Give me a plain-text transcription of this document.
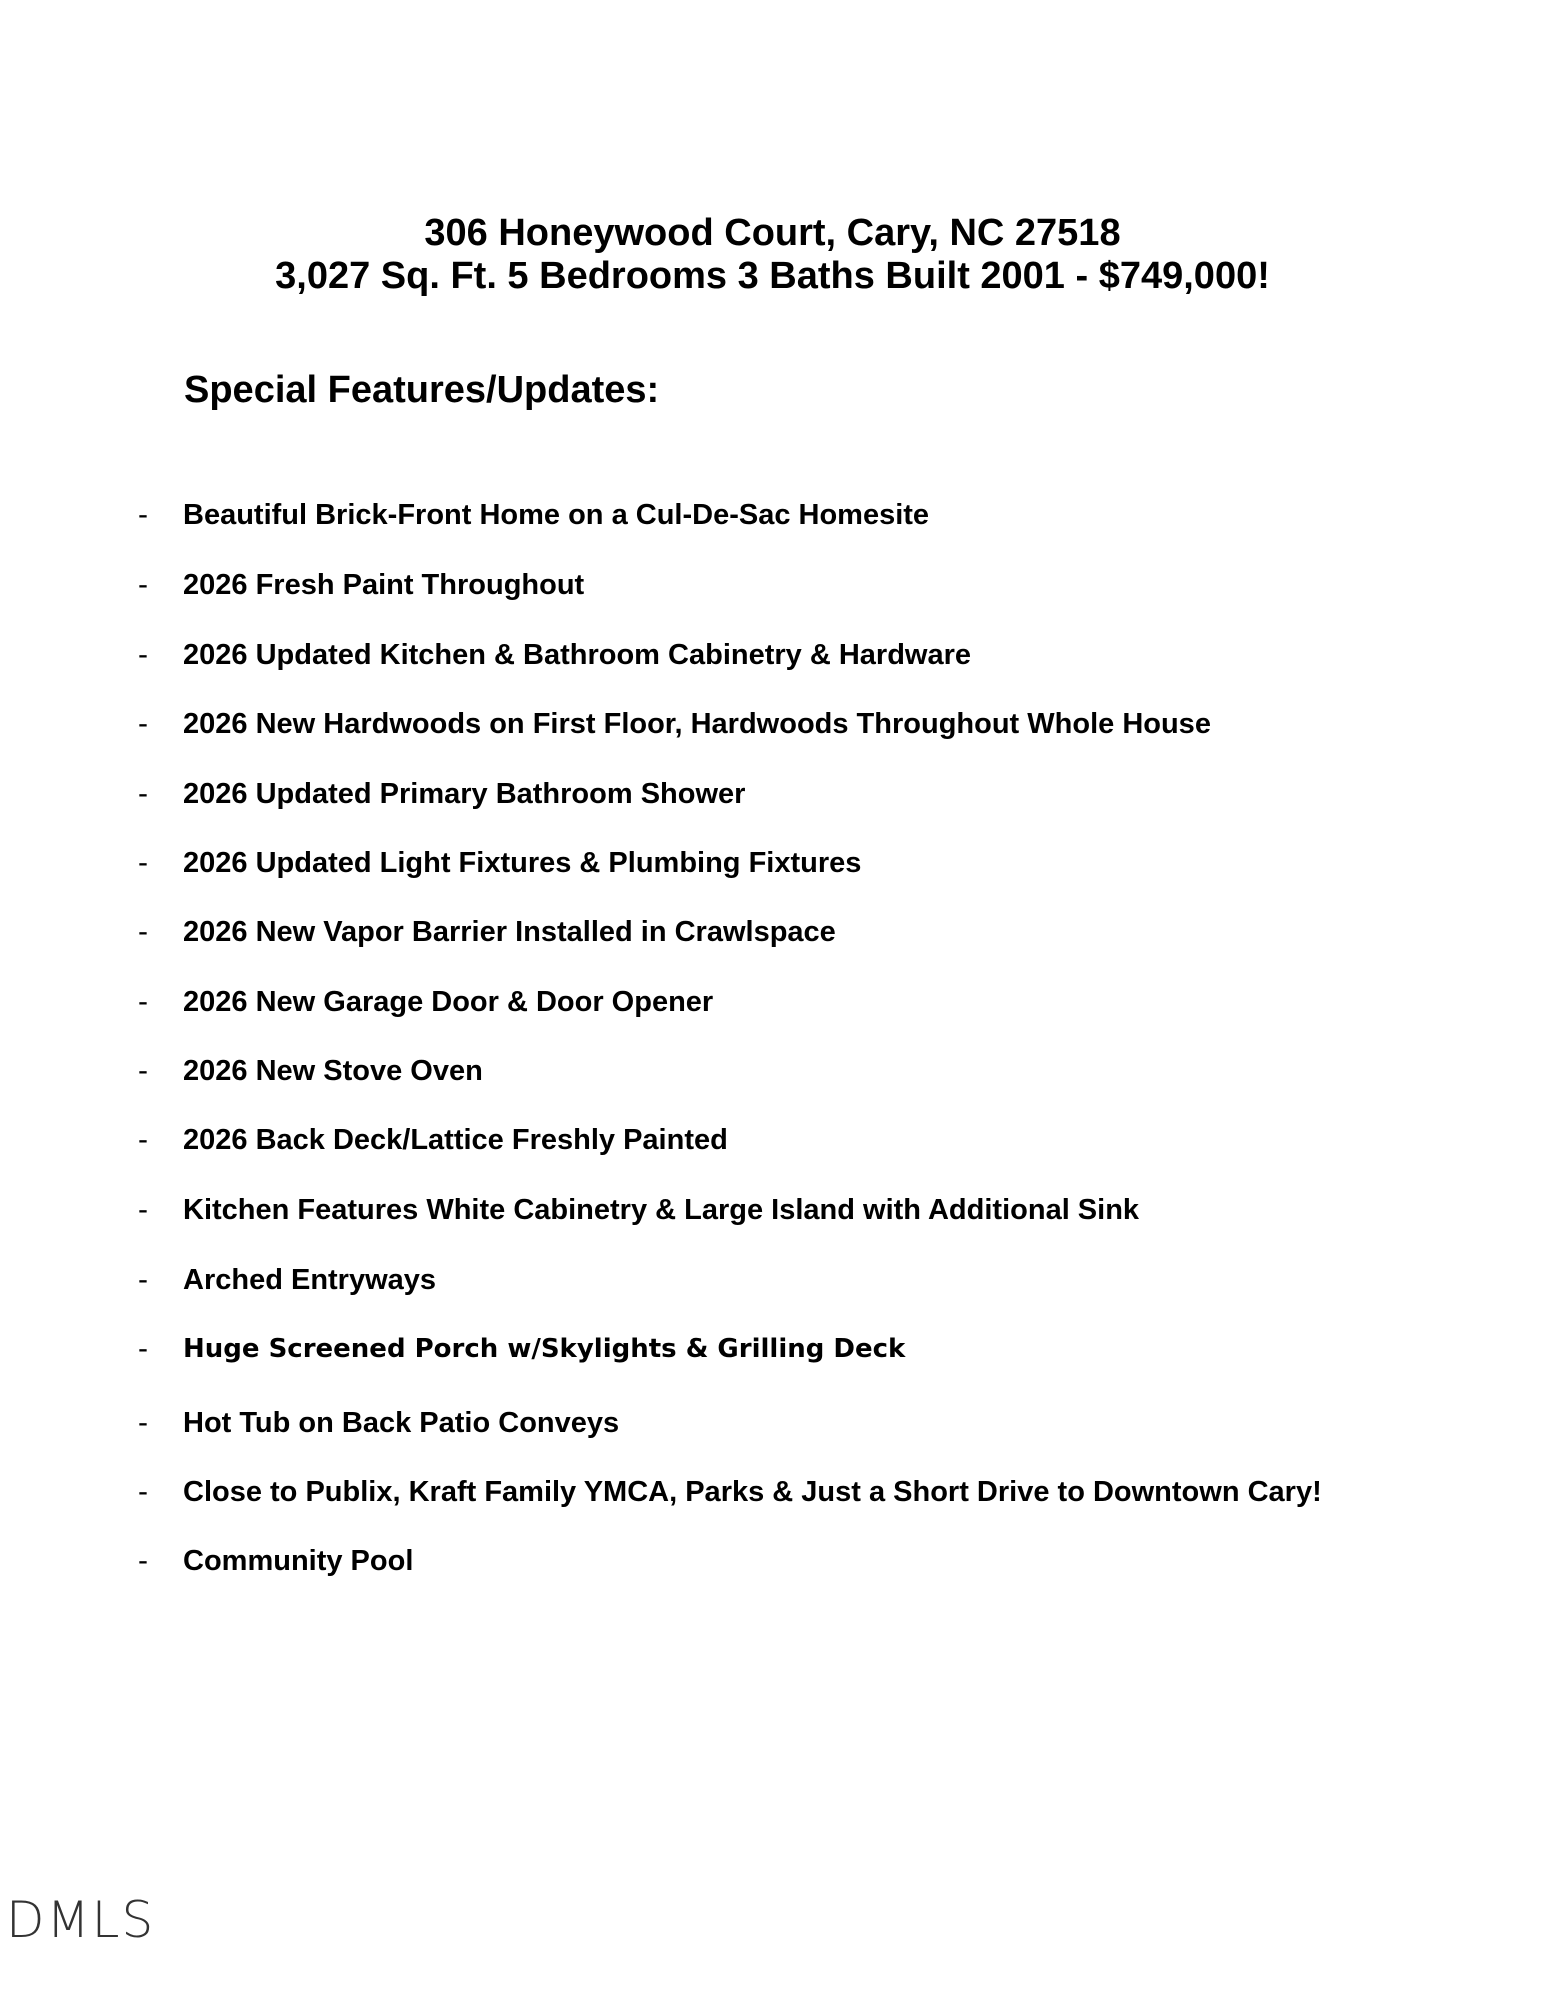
306 Honeywood Court, Cary, NC 27518
3,027 Sq. Ft. 5 Bedrooms 3 Baths Built 2001 - $749,000!
Special Features/Updates:
- Beautiful Brick-Front Home on a Cul-De-Sac Homesite
- 2026 Fresh Paint Throughout
- 2026 Updated Kitchen & Bathroom Cabinetry & Hardware
- 2026 New Hardwoods on First Floor, Hardwoods Throughout Whole House
- 2026 Updated Primary Bathroom Shower
- 2026 Updated Light Fixtures & Plumbing Fixtures
- 2026 New Vapor Barrier Installed in Crawlspace
- 2026 New Garage Door & Door Opener
- 2026 New Stove Oven
- 2026 Back Deck/Lattice Freshly Painted
- Kitchen Features White Cabinetry & Large Island with Additional Sink
- Arched Entryways
- Huge Screened Porch w/Skylights & Grilling Deck
- Hot Tub on Back Patio Conveys
- Close to Publix, Kraft Family YMCA, Parks & Just a Short Drive to Downtown Cary!
- Community Pool
DMLS
